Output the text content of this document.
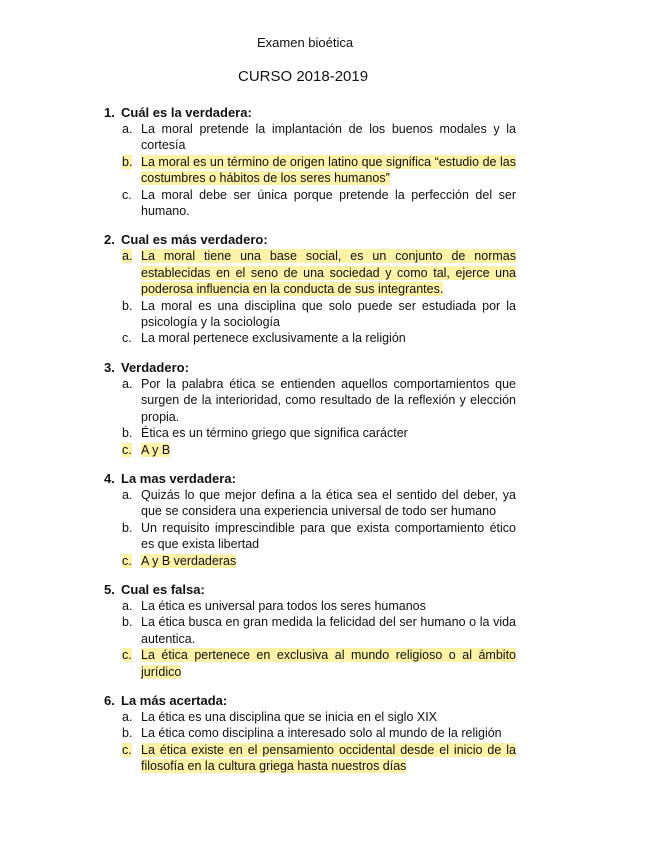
Examen bioética
CURSO 2018-2019
1. Cuál es la verdadera:
a. La moral pretende la implantación de los buenos modales y la cortesía
b. La moral es un término de origen latino que significa “estudio de las costumbres o hábitos de los seres humanos”
c. La moral debe ser única porque pretende la perfección del ser humano.
2. Cual es más verdadero:
a. La moral tiene una base social, es un conjunto de normas establecidas en el seno de una sociedad y como tal, ejerce una poderosa influencia en la conducta de sus integrantes.
b. La moral es una disciplina que solo puede ser estudiada por la psicología y la sociología
c. La moral pertenece exclusivamente a la religión
3. Verdadero:
a. Por la palabra ética se entienden aquellos comportamientos que surgen de la interioridad, como resultado de la reflexión y elección propia.
b. Ética es un término griego que significa carácter
c. A y B
4. La mas verdadera:
a. Quizás lo que mejor defina a la ética sea el sentido del deber, ya que se considera una experiencia universal de todo ser humano
b. Un requisito imprescindible para que exista comportamiento ético es que exista libertad
c. A y B verdaderas
5. Cual es falsa:
a. La ética es universal para todos los seres humanos
b. La ética busca en gran medida la felicidad del ser humano o la vida autentica.
c. La ética pertenece en exclusiva al mundo religioso o al ámbito jurídico
6. La más acertada:
a. La ética es una disciplina que se inicia en el siglo XIX
b. La ética como disciplina a interesado solo al mundo de la religión
c. La ética existe en el pensamiento occidental desde el inicio de la filosofía en la cultura griega hasta nuestros días
